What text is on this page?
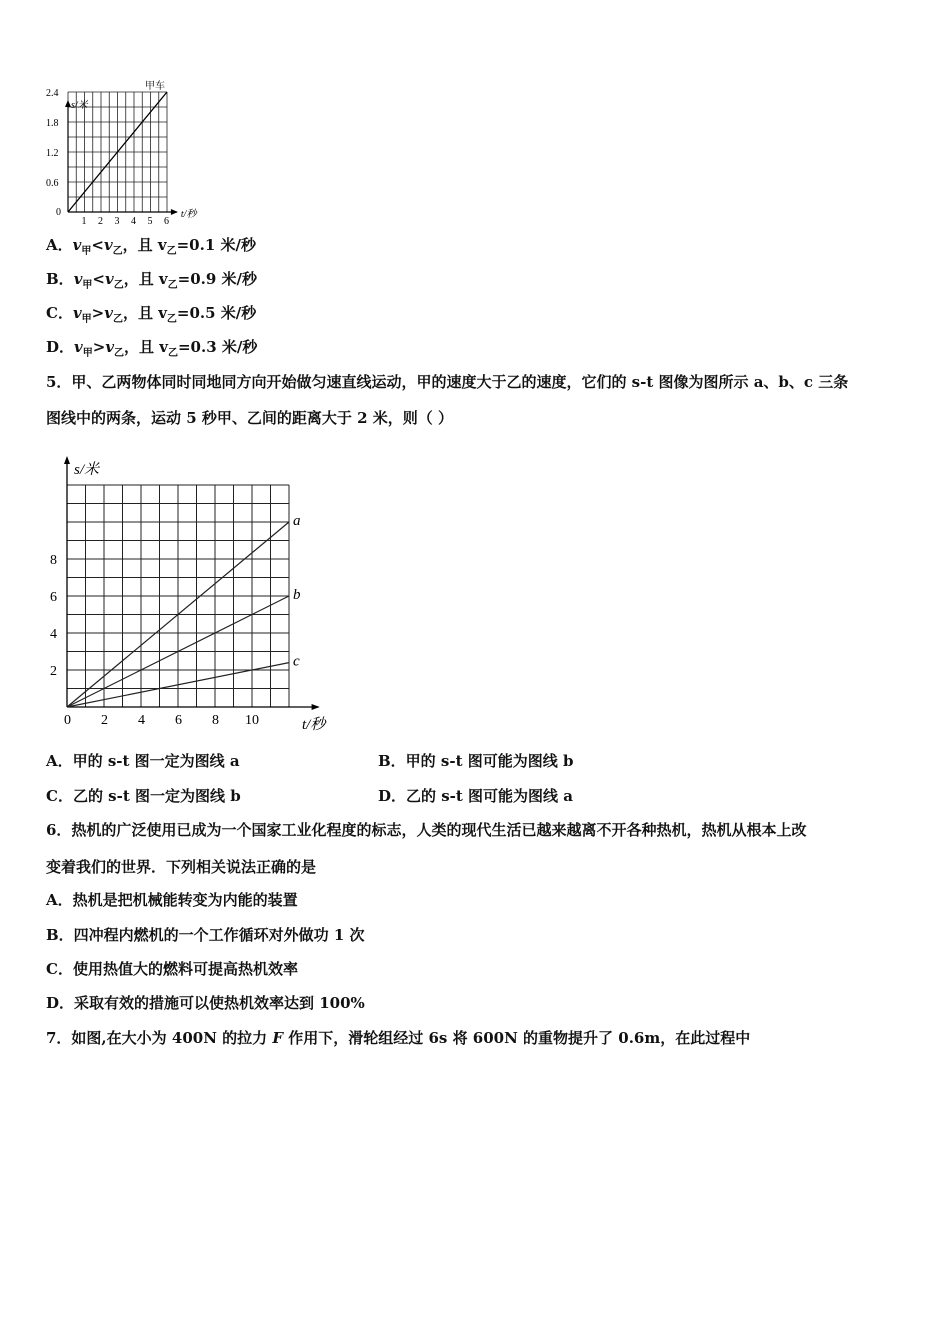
0
1 2 3 4 5 6
0.6
1.2
1.8
2.4
s/米
t/秒
甲车
A．$v_甲<v_乙$，且 $v_乙=0.1$ 米/秒
B．$v_甲<v_乙$，且 $v_乙=0.9$ 米/秒
C．$v_甲>v_乙$，且 $v_乙=0.5$ 米/秒
D．$v_甲>v_乙$，且 $v_乙=0.3$ 米/秒
5．甲、乙两物体同时同地同方向开始做匀速直线运动，甲的速度大于乙的速度，它们的 s-t 图像为图所示 a、b、c 三条
图线中的两条，运动 5 秒甲、乙间的距离大于 2 米，则（ ）
0 2 4 6 8 10
2
4
6
8
s/米
t/秒
a
b
c
A．甲的 s-t 图一定为图线 a	B．甲的 s-t 图可能为图线 b
C．乙的 s-t 图一定为图线 b	D．乙的 s-t 图可能为图线 a
6．热机的广泛使用已成为一个国家工业化程度的标志，人类的现代生活已越来越离不开各种热机，热机从根本上改
变着我们的世界．下列相关说法正确的是
A．热机是把机械能转变为内能的装置
B．四冲程内燃机的一个工作循环对外做功 1 次
C．使用热值大的燃料可提高热机效率
D．采取有效的措施可以使热机效率达到 100%
7．如图,在大小为 400N 的拉力 F 作用下，滑轮组经过 6s 将 600N 的重物提升了 0.6m，在此过程中
